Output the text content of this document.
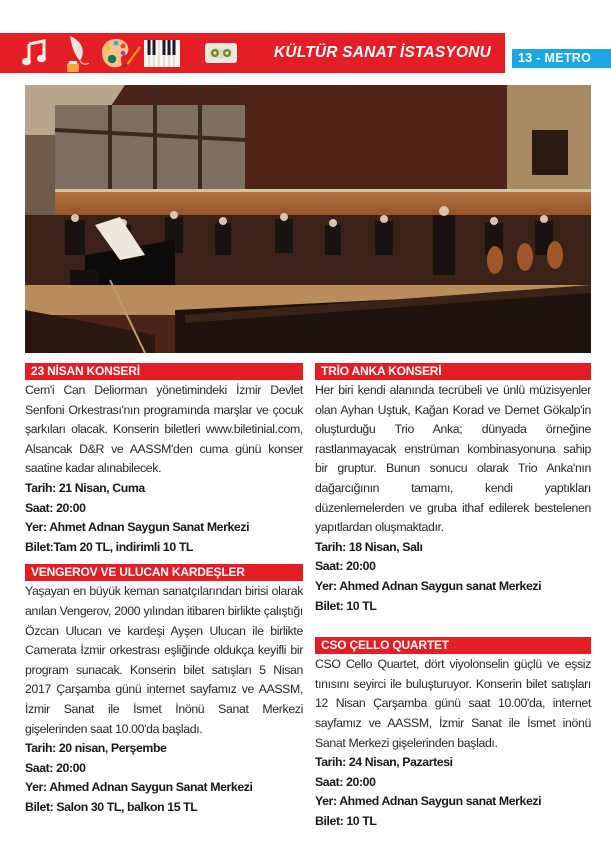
KÜLTÜR SANAT İSTASYONU	13 - METRO
23 NİSAN KONSERİ
Cem'i Can Deliorman yönetimindeki İzmir Devlet Senfoni Orkestrası'nın programında marşlar ve çocuk şarkıları olacak. Konserin biletleri www.biletinial.com, Alsancak D&R ve AASSM'den cuma günü konser saatine kadar alınabilecek.
Tarih: 21 Nisan, Cuma
Saat: 20:00
Yer: Ahmet Adnan Saygun Sanat Merkezi
Bilet:Tam 20 TL, indirimli 10 TL
VENGEROV VE ULUCAN KARDEŞLER
Yaşayan en büyük keman sanatçılarından birisi olarak anılan Vengerov, 2000 yılından itibaren birlikte çalıştığı Özcan Ulucan ve kardeşi Ayşen Ulucan ile birlikte Camerata İzmir orkestrası eşliğinde oldukça keyifli bir program sunacak. Konserin bilet satışları 5 Nisan 2017 Çarşamba günü internet sayfamız ve AASSM, İzmir Sanat ile İsmet İnönü Sanat Merkezi gişelerinden saat 10.00'da başladı.
Tarih: 20 nisan, Perşembe
Saat: 20:00
Yer: Ahmed Adnan Saygun Sanat Merkezi
Bilet: Salon 30 TL, balkon 15 TL
TRİO ANKA KONSERİ
Her biri kendi alanında tecrübeli ve ünlü müzisyenler olan Ayhan Uştuk, Kağan Korad ve Demet Gökalp'in oluşturduğu Trio Anka; dünyada örneğine rastlanmayacak enstrüman kombinasyonuna sahip bir gruptur. Bunun sonucu olarak Trio Anka'nın dağarcığının tamamı, kendi yaptıkları düzenlemelerden ve gruba ithaf edilerek bestelenen yapıtlardan oluşmaktadır.
Tarih: 18 Nisan, Salı
Saat: 20:00
Yer: Ahmed Adnan Saygun sanat Merkezi
Bilet: 10 TL
CSO ÇELLO QUARTET
CSO Cello Quartet, dört viyolonselin güçlü ve eşsiz tınısını seyirci ile buluşturuyor. Konserin bilet satışları 12 Nisan Çarşamba günü saat 10.00'da, internet sayfamız ve AASSM, İzmir Sanat ile İsmet inönü Sanat Merkezi gişelerinden başladı.
Tarih: 24 Nisan, Pazartesi
Saat: 20:00
Yer: Ahmed Adnan Saygun sanat Merkezi
Bilet: 10 TL
